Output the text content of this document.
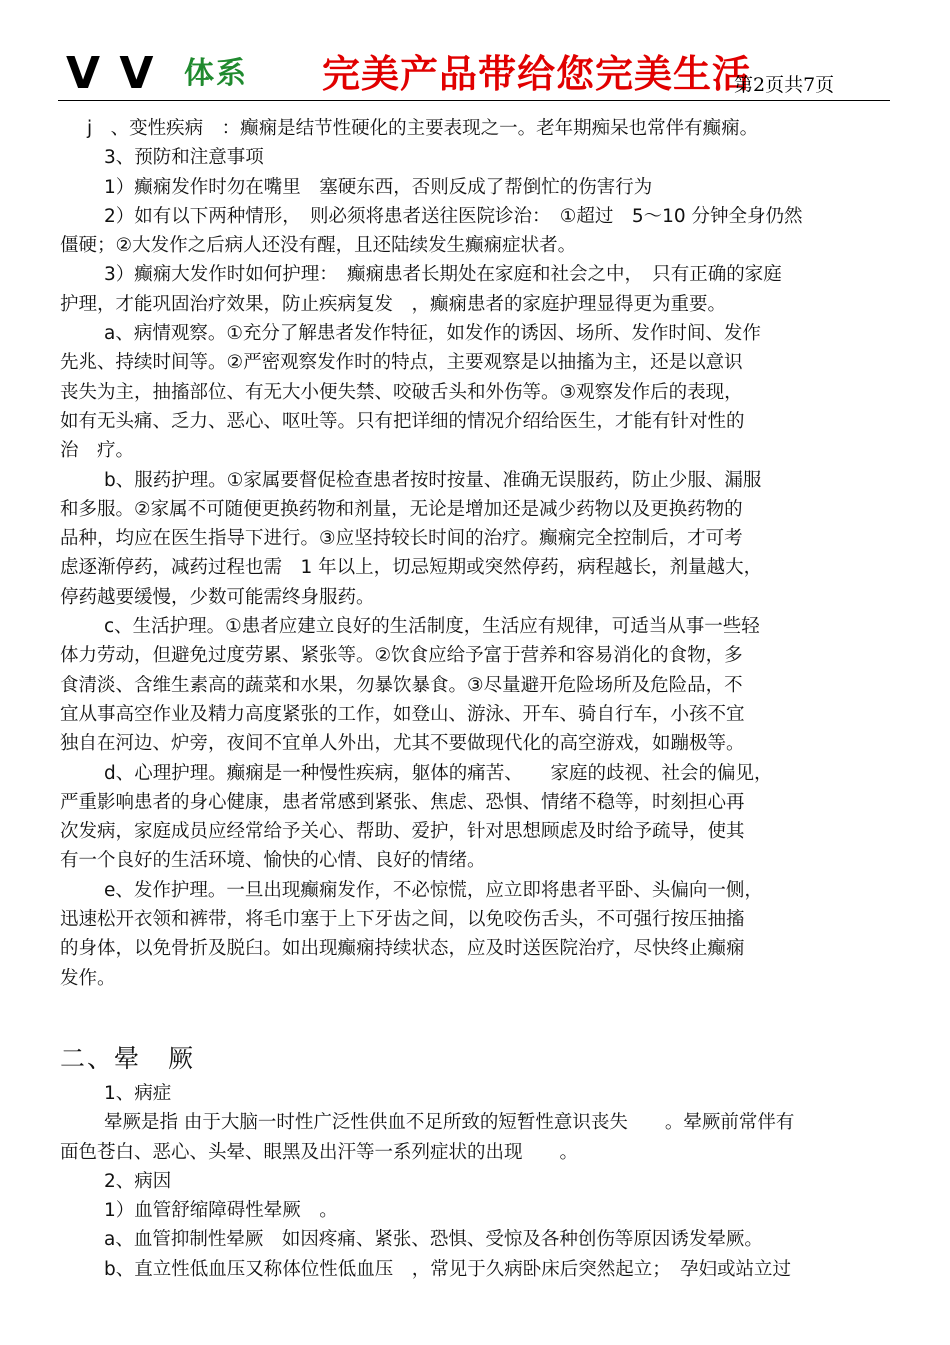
V V 体系 完美产品带给您完美生活
第2页共7页
j　、变性疾病　：癫痫是结节性硬化的主要表现之一。老年期痴呆也常伴有癫痫。
3、预防和注意事项
1）癫痫发作时勿在嘴里　塞硬东西，否则反成了帮倒忙的伤害行为
2）如有以下两种情形，　则必须将患者送往医院诊治：　①超过　5～10 分钟全身仍然
僵硬；②大发作之后病人还没有醒，且还陆续发生癫痫症状者。
3）癫痫大发作时如何护理：　癫痫患者长期处在家庭和社会之中，　只有正确的家庭
护理，才能巩固治疗效果，防止疾病复发　，癫痫患者的家庭护理显得更为重要。
a、病情观察。①充分了解患者发作特征，如发作的诱因、场所、发作时间、发作
先兆、持续时间等。②严密观察发作时的特点，主要观察是以抽搐为主，还是以意识
丧失为主，抽搐部位、有无大小便失禁、咬破舌头和外伤等。③观察发作后的表现，
如有无头痛、乏力、恶心、呕吐等。只有把详细的情况介绍给医生，才能有针对性的
治　疗。
b、服药护理。①家属要督促检查患者按时按量、准确无误服药，防止少服、漏服
和多服。②家属不可随便更换药物和剂量，无论是增加还是减少药物以及更换药物的
品种，均应在医生指导下进行。③应坚持较长时间的治疗。癫痫完全控制后，才可考
虑逐渐停药，减药过程也需　1 年以上，切忌短期或突然停药，病程越长，剂量越大，
停药越要缓慢，少数可能需终身服药。
c、生活护理。①患者应建立良好的生活制度，生活应有规律，可适当从事一些轻
体力劳动，但避免过度劳累、紧张等。②饮食应给予富于营养和容易消化的食物，多
食清淡、含维生素高的蔬菜和水果，勿暴饮暴食。③尽量避开危险场所及危险品，不
宜从事高空作业及精力高度紧张的工作，如登山、游泳、开车、骑自行车，小孩不宜
独自在河边、炉旁，夜间不宜单人外出，尤其不要做现代化的高空游戏，如蹦极等。
d、心理护理。癫痫是一种慢性疾病，躯体的痛苦、　　家庭的歧视、社会的偏见，
严重影响患者的身心健康，患者常感到紧张、焦虑、恐惧、情绪不稳等，时刻担心再
次发病，家庭成员应经常给予关心、帮助、爱护，针对思想顾虑及时给予疏导，使其
有一个良好的生活环境、愉快的心情、良好的情绪。
e、发作护理。一旦出现癫痫发作，不必惊慌，应立即将患者平卧、头偏向一侧，
迅速松开衣领和裤带，将毛巾塞于上下牙齿之间，以免咬伤舌头，不可强行按压抽搐
的身体，以免骨折及脱臼。如出现癫痫持续状态，应及时送医院治疗，尽快终止癫痫
发作。
二、晕　厥
1、病症
晕厥是指 由于大脑一时性广泛性供血不足所致的短暂性意识丧失　　。晕厥前常伴有
面色苍白、恶心、头晕、眼黑及出汗等一系列症状的出现　　。
2、病因
1）血管舒缩障碍性晕厥　。
a、血管抑制性晕厥　如因疼痛、紧张、恐惧、受惊及各种创伤等原因诱发晕厥。
b、直立性低血压又称体位性低血压　，常见于久病卧床后突然起立；　孕妇或站立过
